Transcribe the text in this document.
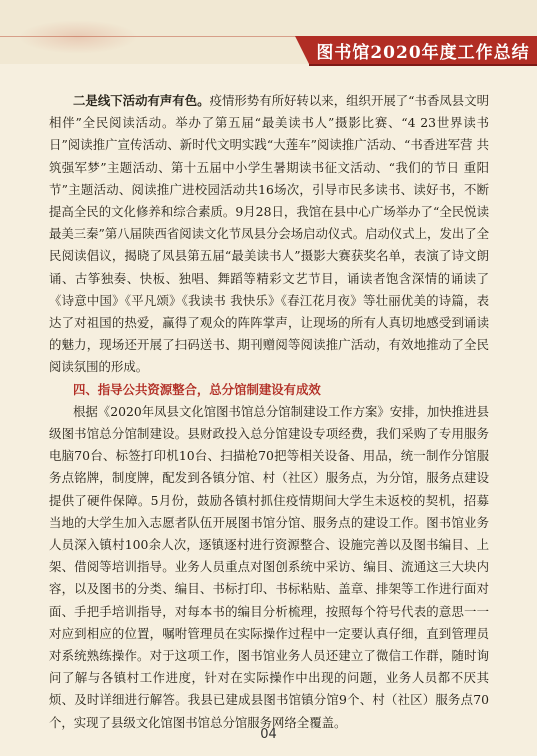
图书馆2020年度工作总结

二是线下活动有声有色。疫情形势有所好转以来，组织开展了“书香凤县文明相伴”全民阅读活动。举办了第五届“最美读书人”摄影比赛、“4 23世界读书日”阅读推广宣传活动、新时代文明实践“大莲车”阅读推广活动、“书香进军营 共筑强军梦”主题活动、第十五届中小学生暑期读书征文活动、“我们的节日 重阳节”主题活动、阅读推广进校园活动共16场次，引导市民多读书、读好书，不断提高全民的文化修养和综合素质。9月28日，我馆在县中心广场举办了“全民悦读 最美三秦”第八届陕西省阅读文化节凤县分会场启动仪式。启动仪式上，发出了全民阅读倡议，揭晓了凤县第五届“最美读书人”摄影大赛获奖名单，表演了诗文朗诵、古筝独奏、快板、独唱、舞蹈等精彩文艺节目，诵读者饱含深情的诵读了《诗意中国》《平凡颂》《我读书 我快乐》《春江花月夜》等壮丽优美的诗篇，表达了对祖国的热爱，赢得了观众的阵阵掌声，让现场的所有人真切地感受到诵读的魅力，现场还开展了扫码送书、期刊赠阅等阅读推广活动，有效地推动了全民阅读氛围的形成。

四、指导公共资源整合，总分馆制建设有成效

根据《2020年凤县文化馆图书馆总分馆制建设工作方案》安排，加快推进县级图书馆总分馆制建设。县财政投入总分馆建设专项经费，我们采购了专用服务电脑70台、标签打印机10台、扫描枪70把等相关设备、用品，统一制作分馆服务点铭牌，制度牌，配发到各镇分馆、村（社区）服务点，为分馆，服务点建设提供了硬件保障。5月份，鼓励各镇村抓住疫情期间大学生未返校的契机，招募当地的大学生加入志愿者队伍开展图书馆分馆、服务点的建设工作。图书馆业务人员深入镇村100余人次，逐镇逐村进行资源整合、设施完善以及图书编目、上架、借阅等培训指导。业务人员重点对图创系统中采访、编目、流通这三大块内容，以及图书的分类、编目、书标打印、书标粘贴、盖章、排架等工作进行面对面、手把手培训指导，对每本书的编目分析梳理，按照每个符号代表的意思一一对应到相应的位置，嘱咐管理员在实际操作过程中一定要认真仔细，直到管理员对系统熟练操作。对于这项工作，图书馆业务人员还建立了微信工作群，随时询问了解与各镇村工作进度，针对在实际操作中出现的问题，业务人员都不厌其烦、及时详细进行解答。我县已建成县图书馆镇分馆9个、村（社区）服务点70个，实现了县级文化馆图书馆总分馆服务网络全覆盖。

04
